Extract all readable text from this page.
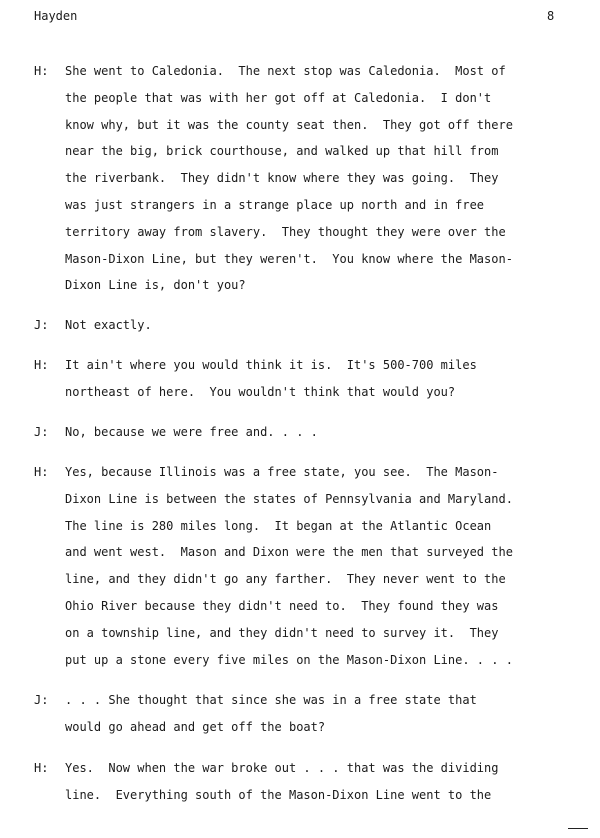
Hayden	8
H: She went to Caledonia.  The next stop was Caledonia.  Most of
the people that was with her got off at Caledonia.  I don't
know why, but it was the county seat then.  They got off there
near the big, brick courthouse, and walked up that hill from
the riverbank.  They didn't know where they was going.  They
was just strangers in a strange place up north and in free
territory away from slavery.  They thought they were over the
Mason-Dixon Line, but they weren't.  You know where the Mason-
Dixon Line is, don't you?
J: Not exactly.
H: It ain't where you would think it is.  It's 500-700 miles
northeast of here.  You wouldn't think that would you?
J: No, because we were free and. . . .
H: Yes, because Illinois was a free state, you see.  The Mason-
Dixon Line is between the states of Pennsylvania and Maryland.
The line is 280 miles long.  It began at the Atlantic Ocean
and went west.  Mason and Dixon were the men that surveyed the
line, and they didn't go any farther.  They never went to the
Ohio River because they didn't need to.  They found they was
on a township line, and they didn't need to survey it.  They
put up a stone every five miles on the Mason-Dixon Line. . . .
J: . . . She thought that since she was in a free state that
would go ahead and get off the boat?
H: Yes.  Now when the war broke out . . . that was the dividing
line.  Everything south of the Mason-Dixon Line went to the
